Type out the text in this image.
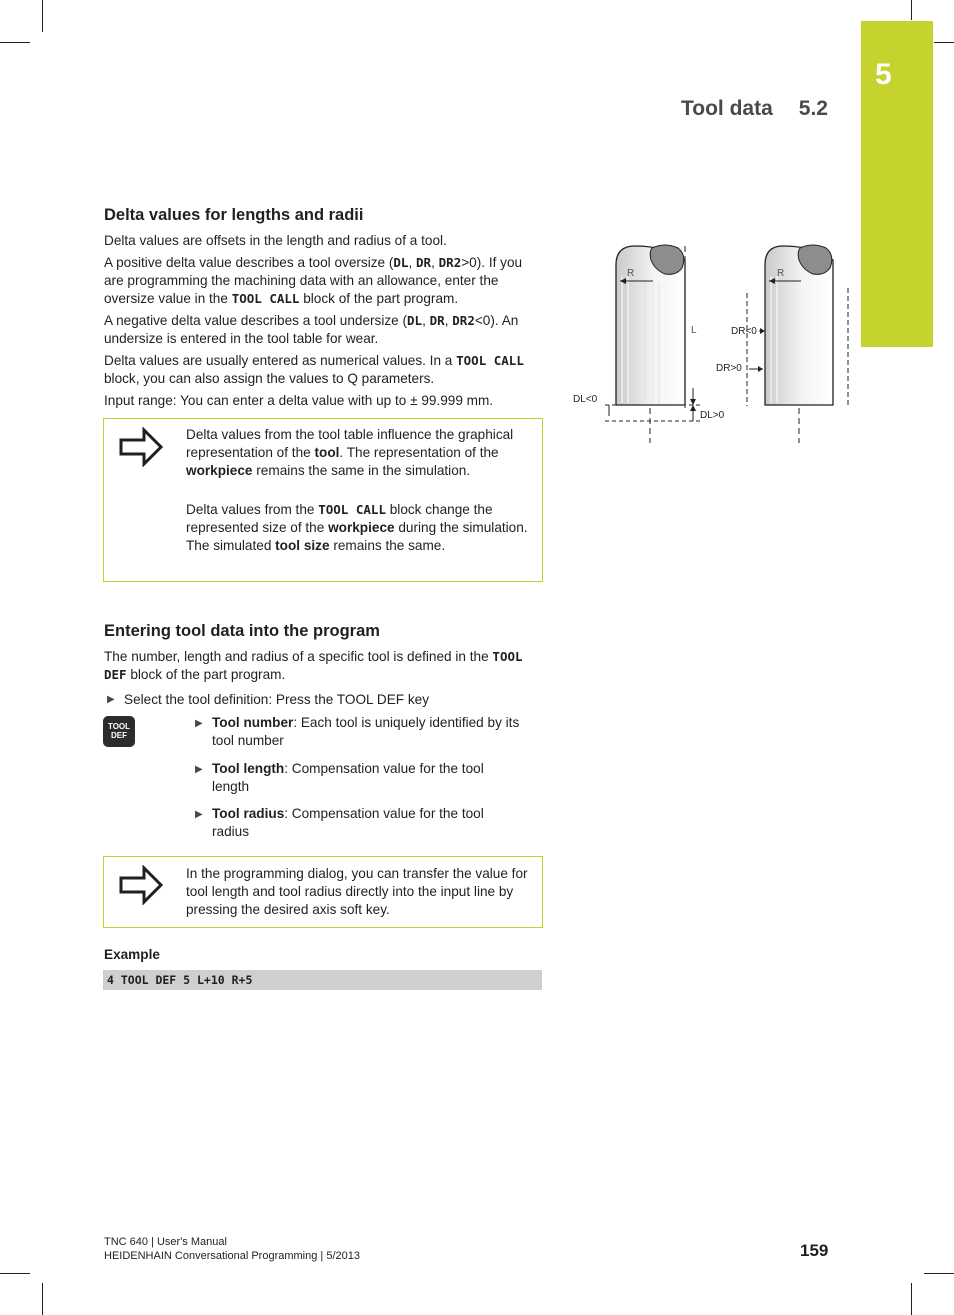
5
Tool data 5.2
Delta values for lengths and radii
Delta values are offsets in the length and radius of a tool.
A positive delta value describes a tool oversize (DL, DR, DR2>0). If you are programming the machining data with an allowance, enter the oversize value in the TOOL CALL block of the part program.
A negative delta value describes a tool undersize (DL, DR, DR2<0). An undersize is entered in the tool table for wear.
Delta values are usually entered as numerical values. In a TOOL CALL block, you can also assign the values to Q parameters.
Input range: You can enter a delta value with up to ± 99.999 mm.
Delta values from the tool table influence the graphical representation of the tool. The representation of the workpiece remains the same in the simulation.
Delta values from the TOOL CALL block change the represented size of the workpiece during the simulation. The simulated tool size remains the same.
R
L
DL<0
DL>0
R
DR<0
DR>0
Entering tool data into the program
The number, length and radius of a specific tool is defined in the TOOL DEF block of the part program.
▶ Select the tool definition: Press the TOOL DEF key
TOOL
DEF
▶ Tool number: Each tool is uniquely identified by its tool number
▶ Tool length: Compensation value for the tool length
▶ Tool radius: Compensation value for the tool radius
In the programming dialog, you can transfer the value for tool length and tool radius directly into the input line by pressing the desired axis soft key.
Example
4 TOOL DEF 5 L+10 R+5
TNC 640 | User's Manual
HEIDENHAIN Conversational Programming | 5/2013	159
